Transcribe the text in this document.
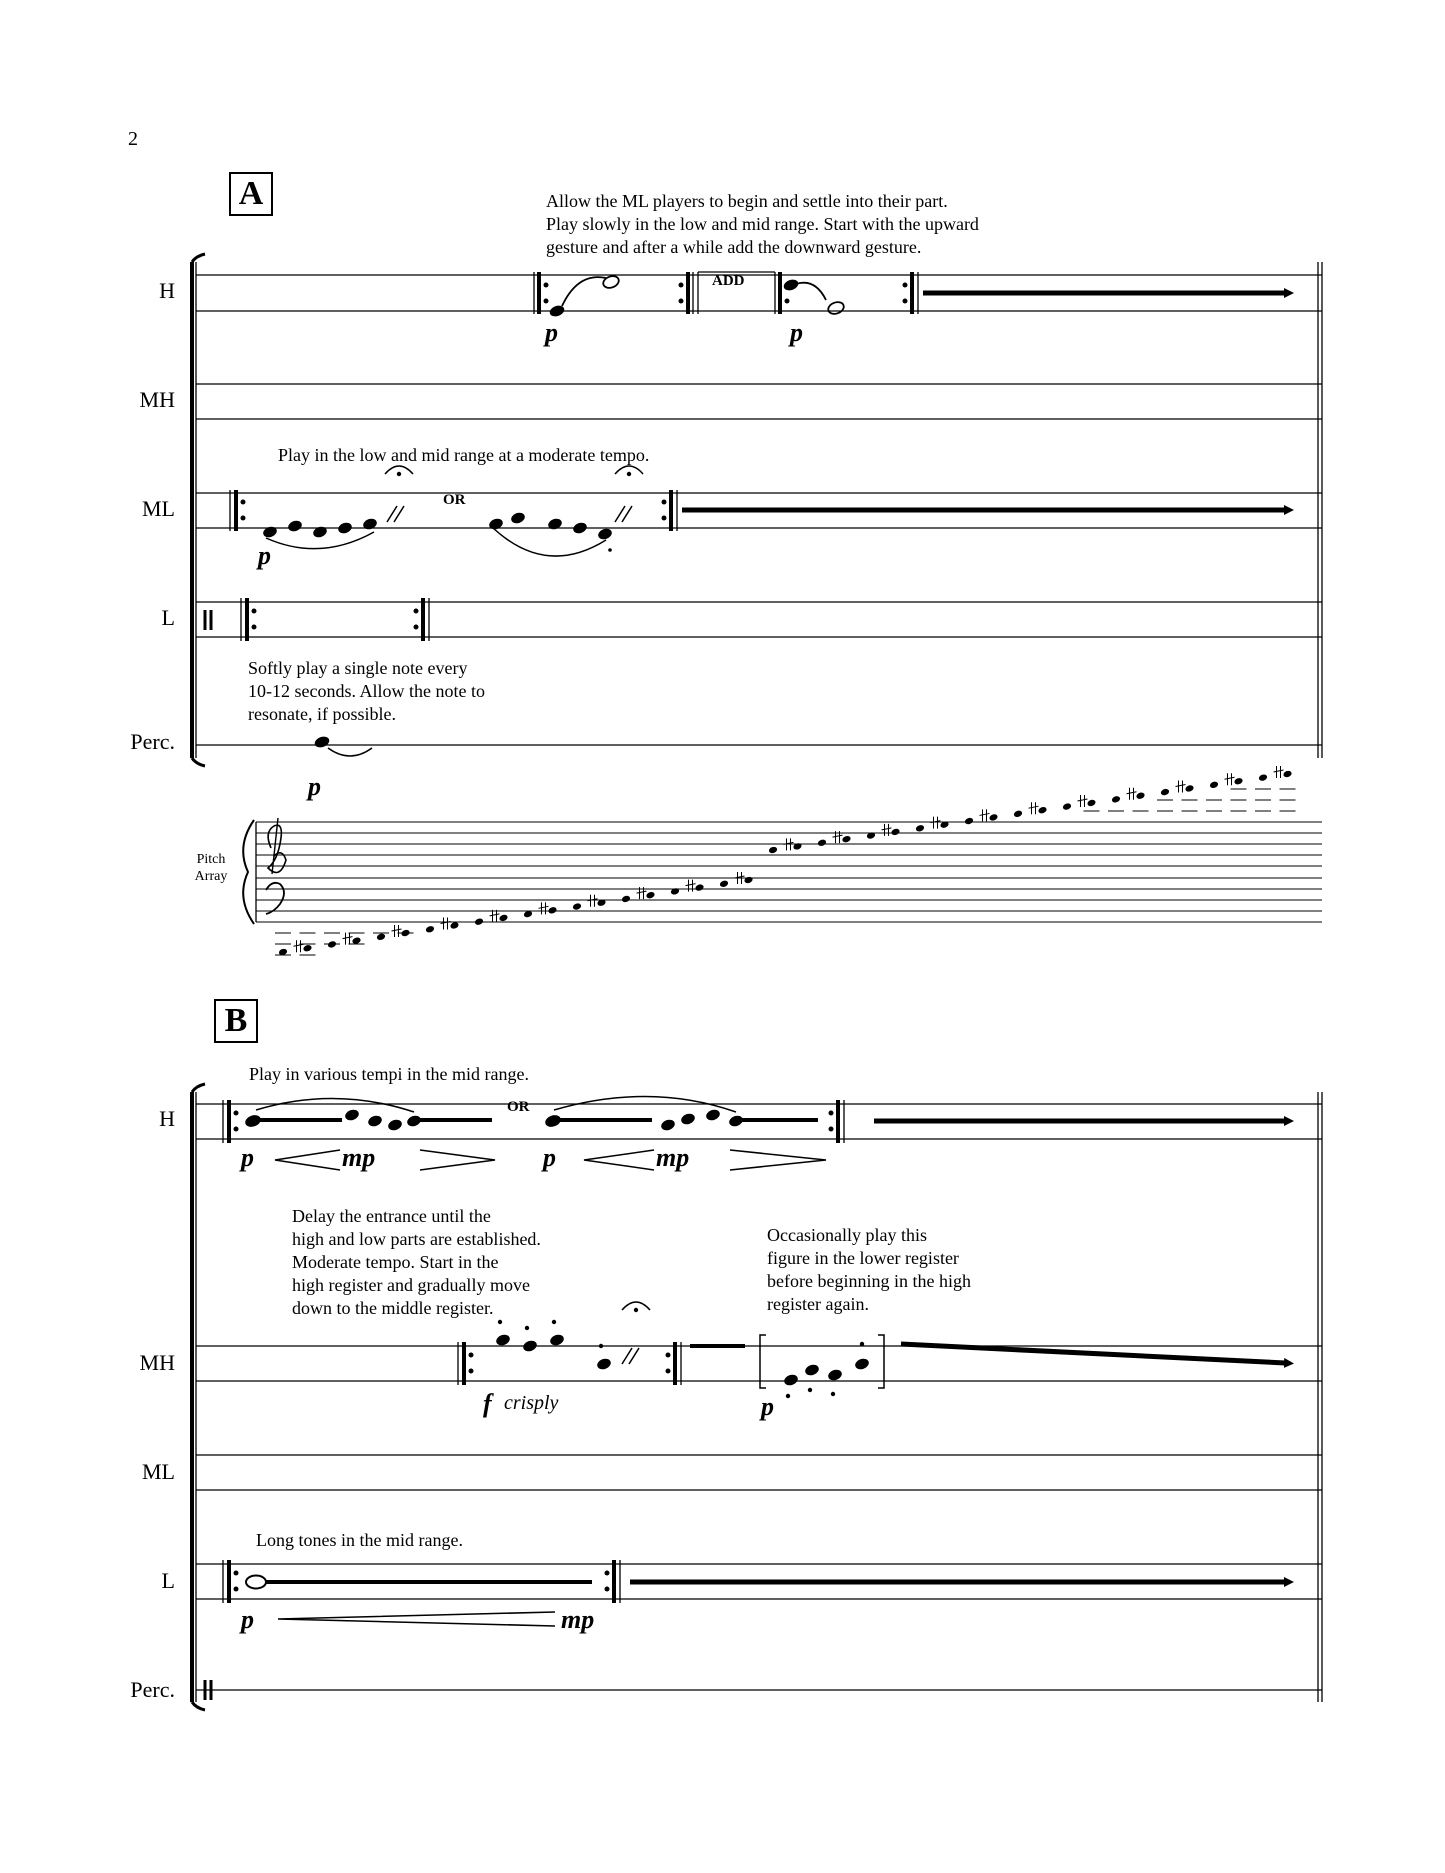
2
A	Allow the ML players to begin and settle into their part.
Play slowly in the low and mid range. Start with the upward
gesture and after a while add the downward gesture.
H
MH
ML
L
Perc.
ADD
p	p
Play in the low and mid range at a moderate tempo.
OR
p
Softly play a single note every
10-12 seconds. Allow the note to
resonate, if possible.
p
Pitch Array
B
Play in various tempi in the mid range.
H
MH
ML
L
Perc.
OR
p	mp	p	mp
Delay the entrance until the
high and low parts are established.
Moderate tempo. Start in the
high register and gradually move
down to the middle register.
Occasionally play this
figure in the lower register
before beginning in the high
register again.
f crisply	p
Long tones in the mid range.
p	mp
